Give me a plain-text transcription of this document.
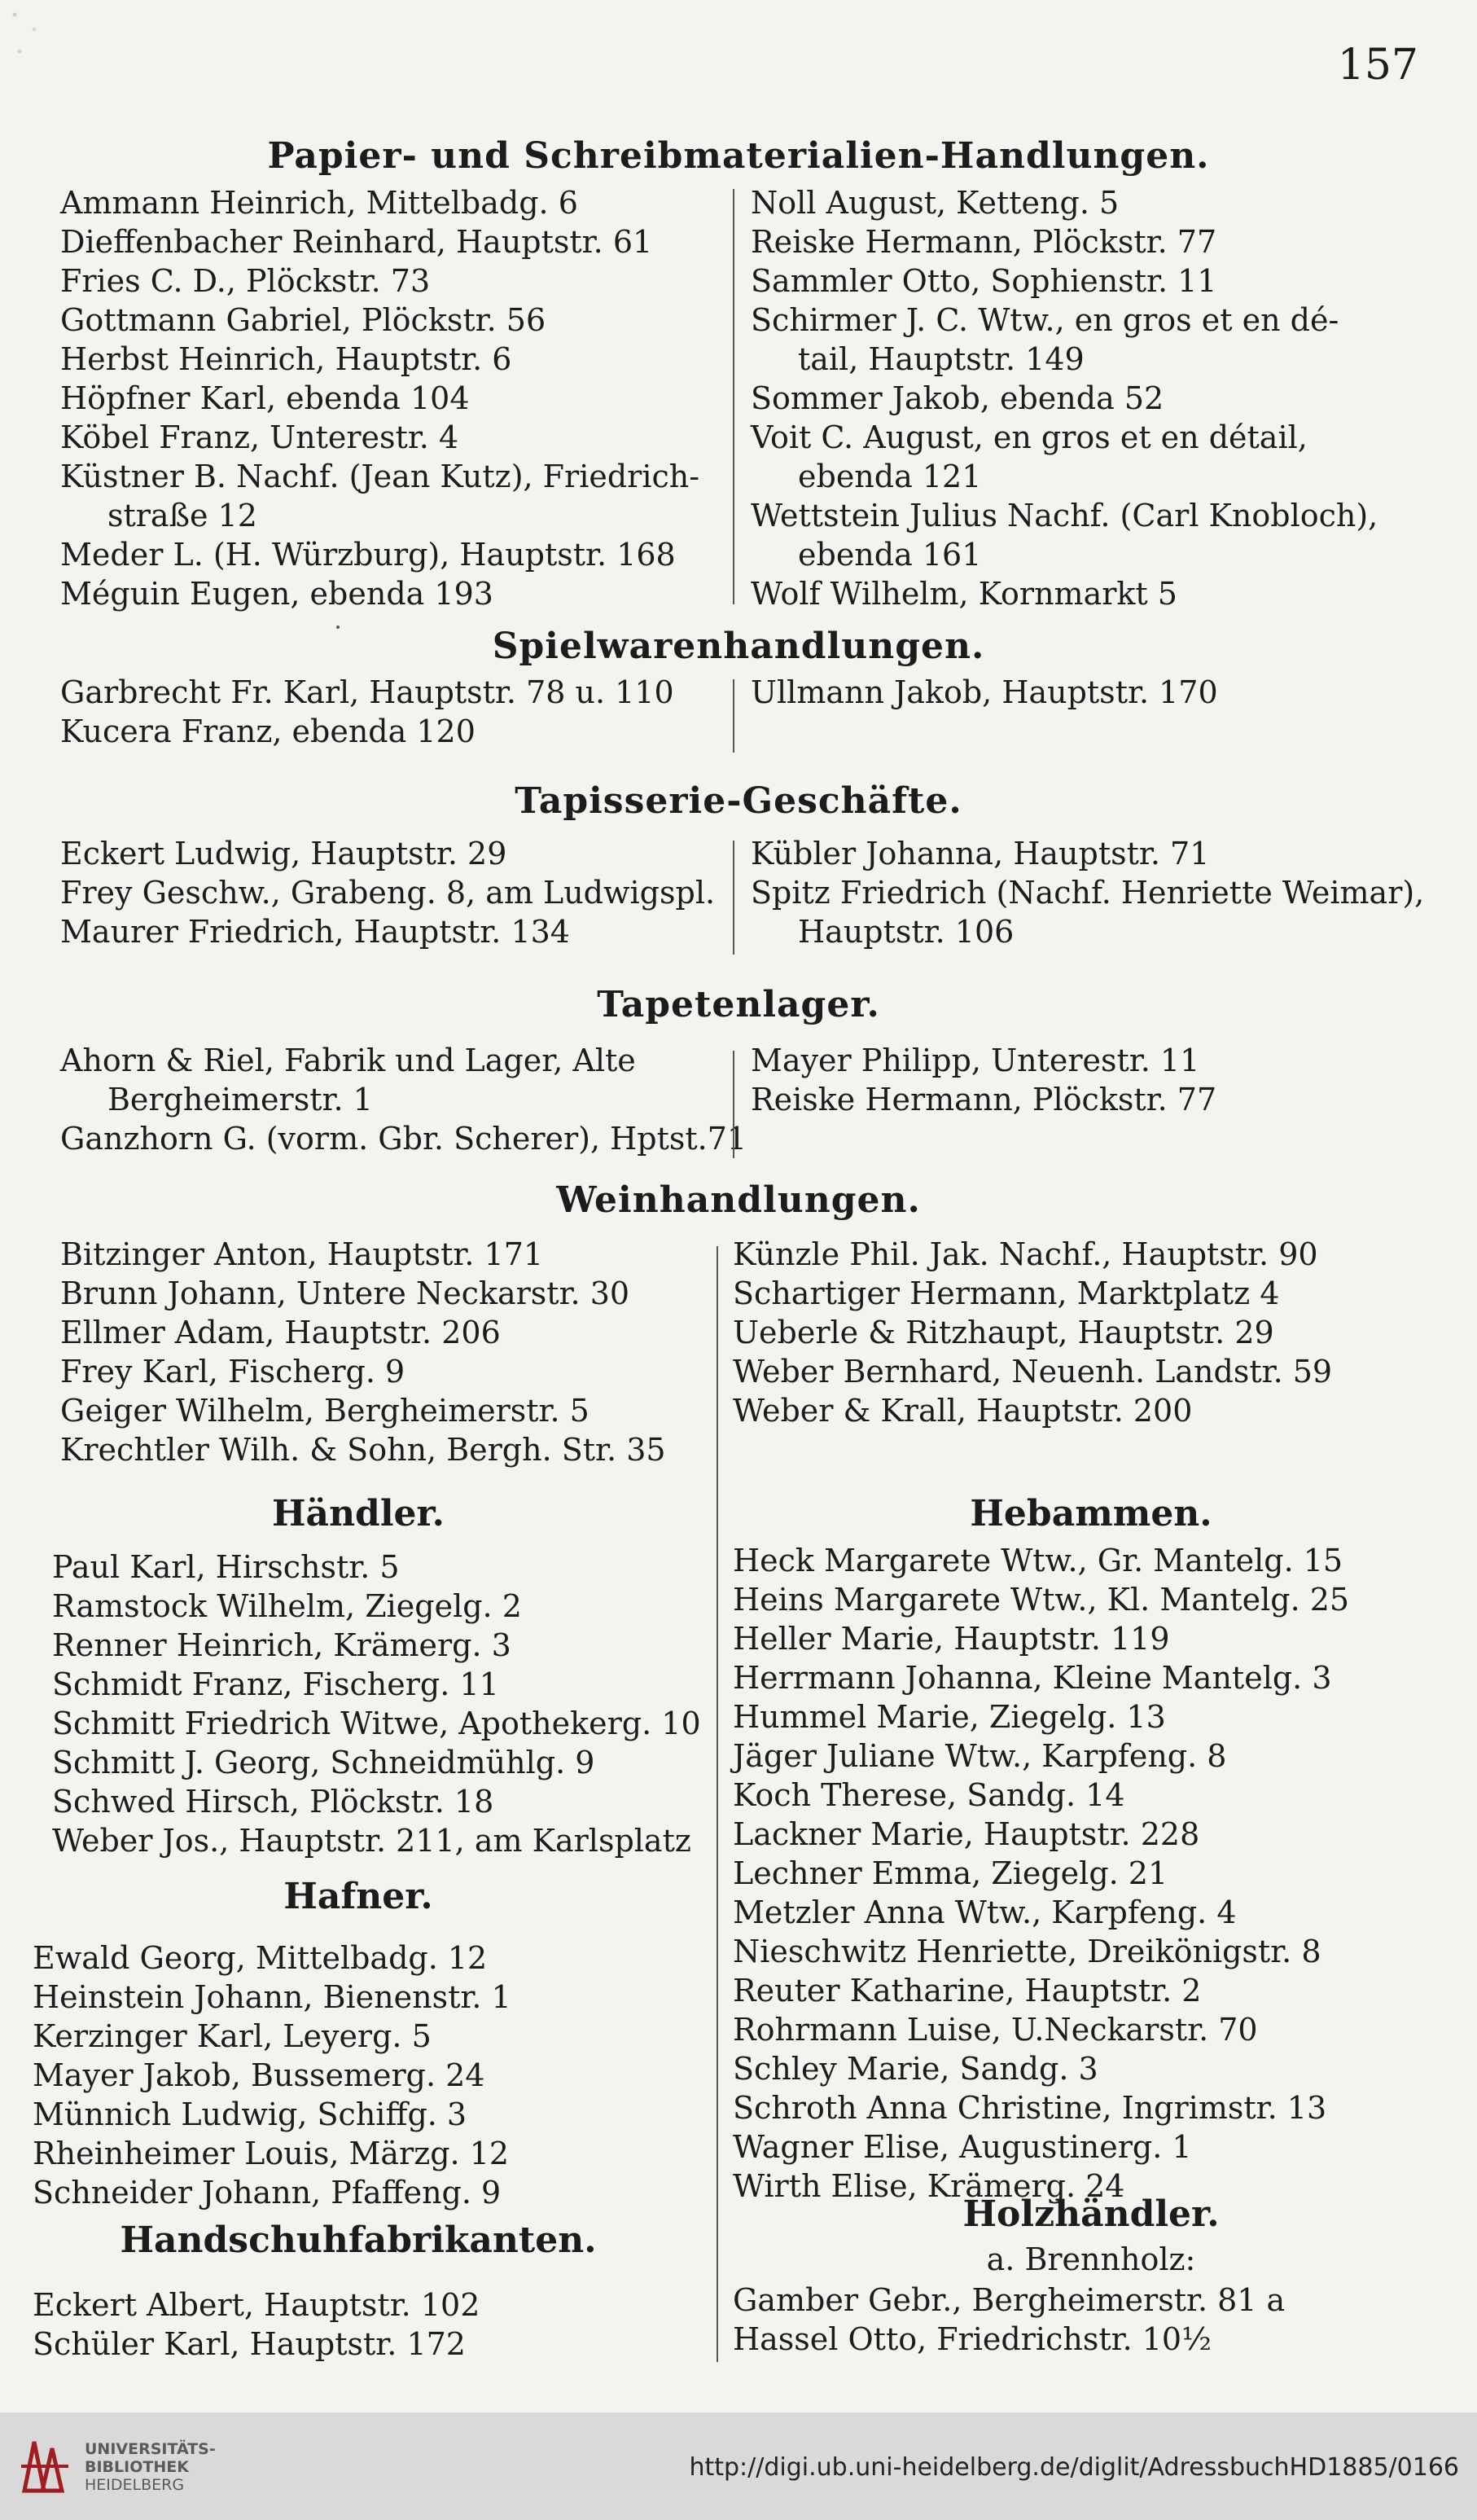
157
Papier- und Schreibmaterialien-Handlungen.
Ammann Heinrich, Mittelbadg. 6
Dieffenbacher Reinhard, Hauptstr. 61
Fries C. D., Plöckstr. 73
Gottmann Gabriel, Plöckstr. 56
Herbst Heinrich, Hauptstr. 6
Höpfner Karl, ebenda 104
Köbel Franz, Unterestr. 4
Küstner B. Nachf. (Jean Kutz), Friedrich-
straße 12
Meder L. (H. Würzburg), Hauptstr. 168
Méguin Eugen, ebenda 193
Noll August, Ketteng. 5
Reiske Hermann, Plöckstr. 77
Sammler Otto, Sophienstr. 11
Schirmer J. C. Wtw., en gros et en dé-
tail, Hauptstr. 149
Sommer Jakob, ebenda 52
Voit C. August, en gros et en détail,
ebenda 121
Wettstein Julius Nachf. (Carl Knobloch),
ebenda 161
Wolf Wilhelm, Kornmarkt 5
Spielwarenhandlungen.
Garbrecht Fr. Karl, Hauptstr. 78 u. 110
Kucera Franz, ebenda 120
Ullmann Jakob, Hauptstr. 170
Tapisserie-Geschäfte.
Eckert Ludwig, Hauptstr. 29
Frey Geschw., Grabeng. 8, am Ludwigspl.
Maurer Friedrich, Hauptstr. 134
Kübler Johanna, Hauptstr. 71
Spitz Friedrich (Nachf. Henriette Weimar),
Hauptstr. 106
Tapetenlager.
Ahorn & Riel, Fabrik und Lager, Alte
Bergheimerstr. 1
Ganzhorn G. (vorm. Gbr. Scherer), Hptst.71
Mayer Philipp, Unterestr. 11
Reiske Hermann, Plöckstr. 77
Weinhandlungen.
Bitzinger Anton, Hauptstr. 171
Brunn Johann, Untere Neckarstr. 30
Ellmer Adam, Hauptstr. 206
Frey Karl, Fischerg. 9
Geiger Wilhelm, Bergheimerstr. 5
Krechtler Wilh. & Sohn, Bergh. Str. 35
Künzle Phil. Jak. Nachf., Hauptstr. 90
Schartiger Hermann, Marktplatz 4
Ueberle & Ritzhaupt, Hauptstr. 29
Weber Bernhard, Neuenh. Landstr. 59
Weber & Krall, Hauptstr. 200
Händler.
Paul Karl, Hirschstr. 5
Ramstock Wilhelm, Ziegelg. 2
Renner Heinrich, Krämerg. 3
Schmidt Franz, Fischerg. 11
Schmitt Friedrich Witwe, Apothekerg. 10
Schmitt J. Georg, Schneidmühlg. 9
Schwed Hirsch, Plöckstr. 18
Weber Jos., Hauptstr. 211, am Karlsplatz
Hafner.
Ewald Georg, Mittelbadg. 12
Heinstein Johann, Bienenstr. 1
Kerzinger Karl, Leyerg. 5
Mayer Jakob, Bussemerg. 24
Münnich Ludwig, Schiffg. 3
Rheinheimer Louis, Märzg. 12
Schneider Johann, Pfaffeng. 9
Handschuhfabrikanten.
Eckert Albert, Hauptstr. 102
Schüler Karl, Hauptstr. 172
Hebammen.
Heck Margarete Wtw., Gr. Mantelg. 15
Heins Margarete Wtw., Kl. Mantelg. 25
Heller Marie, Hauptstr. 119
Herrmann Johanna, Kleine Mantelg. 3
Hummel Marie, Ziegelg. 13
Jäger Juliane Wtw., Karpfeng. 8
Koch Therese, Sandg. 14
Lackner Marie, Hauptstr. 228
Lechner Emma, Ziegelg. 21
Metzler Anna Wtw., Karpfeng. 4
Nieschwitz Henriette, Dreikönigstr. 8
Reuter Katharine, Hauptstr. 2
Rohrmann Luise, U.Neckarstr. 70
Schley Marie, Sandg. 3
Schroth Anna Christine, Ingrimstr. 13
Wagner Elise, Augustinerg. 1
Wirth Elise, Krämerg. 24
Holzhändler.
a. Brennholz:
Gamber Gebr., Bergheimerstr. 81 a
Hassel Otto, Friedrichstr. 10½
UNIVERSITÄTS-
BIBLIOTHEK
HEIDELBERG
http://digi.ub.uni-heidelberg.de/diglit/AdressbuchHD1885/0166
